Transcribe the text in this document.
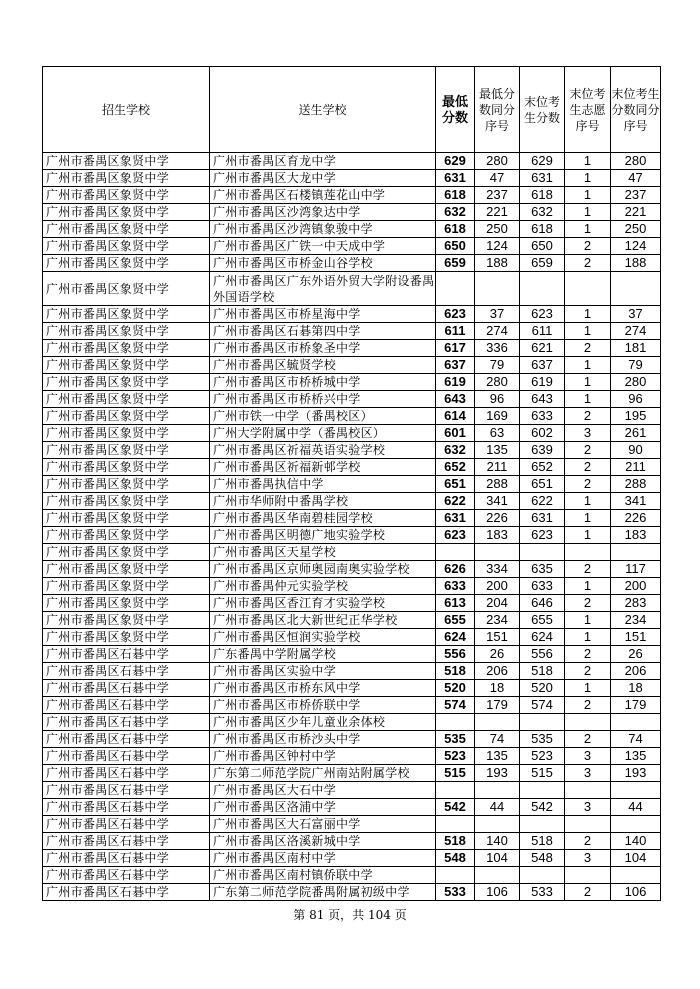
招生学校	送生学校	最低分数	最低分数同分序号	末位考生分数	末位考生志愿序号	末位考生分数同分序号
广州市番禺区象贤中学	广州市番禺区育龙中学	629	280	629	1	280
广州市番禺区象贤中学	广州市番禺区大龙中学	631	47	631	1	47
广州市番禺区象贤中学	广州市番禺区石楼镇莲花山中学	618	237	618	1	237
广州市番禺区象贤中学	广州市番禺区沙湾象达中学	632	221	632	1	221
广州市番禺区象贤中学	广州市番禺区沙湾镇象骏中学	618	250	618	1	250
广州市番禺区象贤中学	广州市番禺区广铁一中天成中学	650	124	650	2	124
广州市番禺区象贤中学	广州市番禺区市桥金山谷学校	659	188	659	2	188
广州市番禺区象贤中学	广州市番禺区广东外语外贸大学附设番禺外国语学校					
广州市番禺区象贤中学	广州市番禺区市桥星海中学	623	37	623	1	37
广州市番禺区象贤中学	广州市番禺区石碁第四中学	611	274	611	1	274
广州市番禺区象贤中学	广州市番禺区市桥象圣中学	617	336	621	2	181
广州市番禺区象贤中学	广州市番禺区毓贤学校	637	79	637	1	79
广州市番禺区象贤中学	广州市番禺区市桥桥城中学	619	280	619	1	280
广州市番禺区象贤中学	广州市番禺区市桥桥兴中学	643	96	643	1	96
广州市番禺区象贤中学	广州市铁一中学（番禺校区）	614	169	633	2	195
广州市番禺区象贤中学	广州大学附属中学（番禺校区）	601	63	602	3	261
广州市番禺区象贤中学	广州市番禺区祈福英语实验学校	632	135	639	2	90
广州市番禺区象贤中学	广州市番禺区祈福新邨学校	652	211	652	2	211
广州市番禺区象贤中学	广州市番禺执信中学	651	288	651	2	288
广州市番禺区象贤中学	广州市华师附中番禺学校	622	341	622	1	341
广州市番禺区象贤中学	广州市番禺区华南碧桂园学校	631	226	631	1	226
广州市番禺区象贤中学	广州市番禺区明德广地实验学校	623	183	623	1	183
广州市番禺区象贤中学	广州市番禺区天星学校					
广州市番禺区象贤中学	广州市番禺区京师奥园南奥实验学校	626	334	635	2	117
广州市番禺区象贤中学	广州市番禺仲元实验学校	633	200	633	1	200
广州市番禺区象贤中学	广州市番禺区香江育才实验学校	613	204	646	2	283
广州市番禺区象贤中学	广州市番禺区北大新世纪正华学校	655	234	655	1	234
广州市番禺区象贤中学	广州市番禺区恒润实验学校	624	151	624	1	151
广州市番禺区石碁中学	广东番禺中学附属学校	556	26	556	2	26
广州市番禺区石碁中学	广州市番禺区实验中学	518	206	518	2	206
广州市番禺区石碁中学	广州市番禺区市桥东风中学	520	18	520	1	18
广州市番禺区石碁中学	广州市番禺区市桥侨联中学	574	179	574	2	179
广州市番禺区石碁中学	广州市番禺区少年儿童业余体校					
广州市番禺区石碁中学	广州市番禺区市桥沙头中学	535	74	535	2	74
广州市番禺区石碁中学	广州市番禺区钟村中学	523	135	523	3	135
广州市番禺区石碁中学	广东第二师范学院广州南站附属学校	515	193	515	3	193
广州市番禺区石碁中学	广州市番禺区大石中学					
广州市番禺区石碁中学	广州市番禺区洛浦中学	542	44	542	3	44
广州市番禺区石碁中学	广州市番禺区大石富丽中学					
广州市番禺区石碁中学	广州市番禺区洛溪新城中学	518	140	518	2	140
广州市番禺区石碁中学	广州市番禺区南村中学	548	104	548	3	104
广州市番禺区石碁中学	广州市番禺区南村镇侨联中学					
广州市番禺区石碁中学	广东第二师范学院番禺附属初级中学	533	106	533	2	106
第 81 页，共 104 页
